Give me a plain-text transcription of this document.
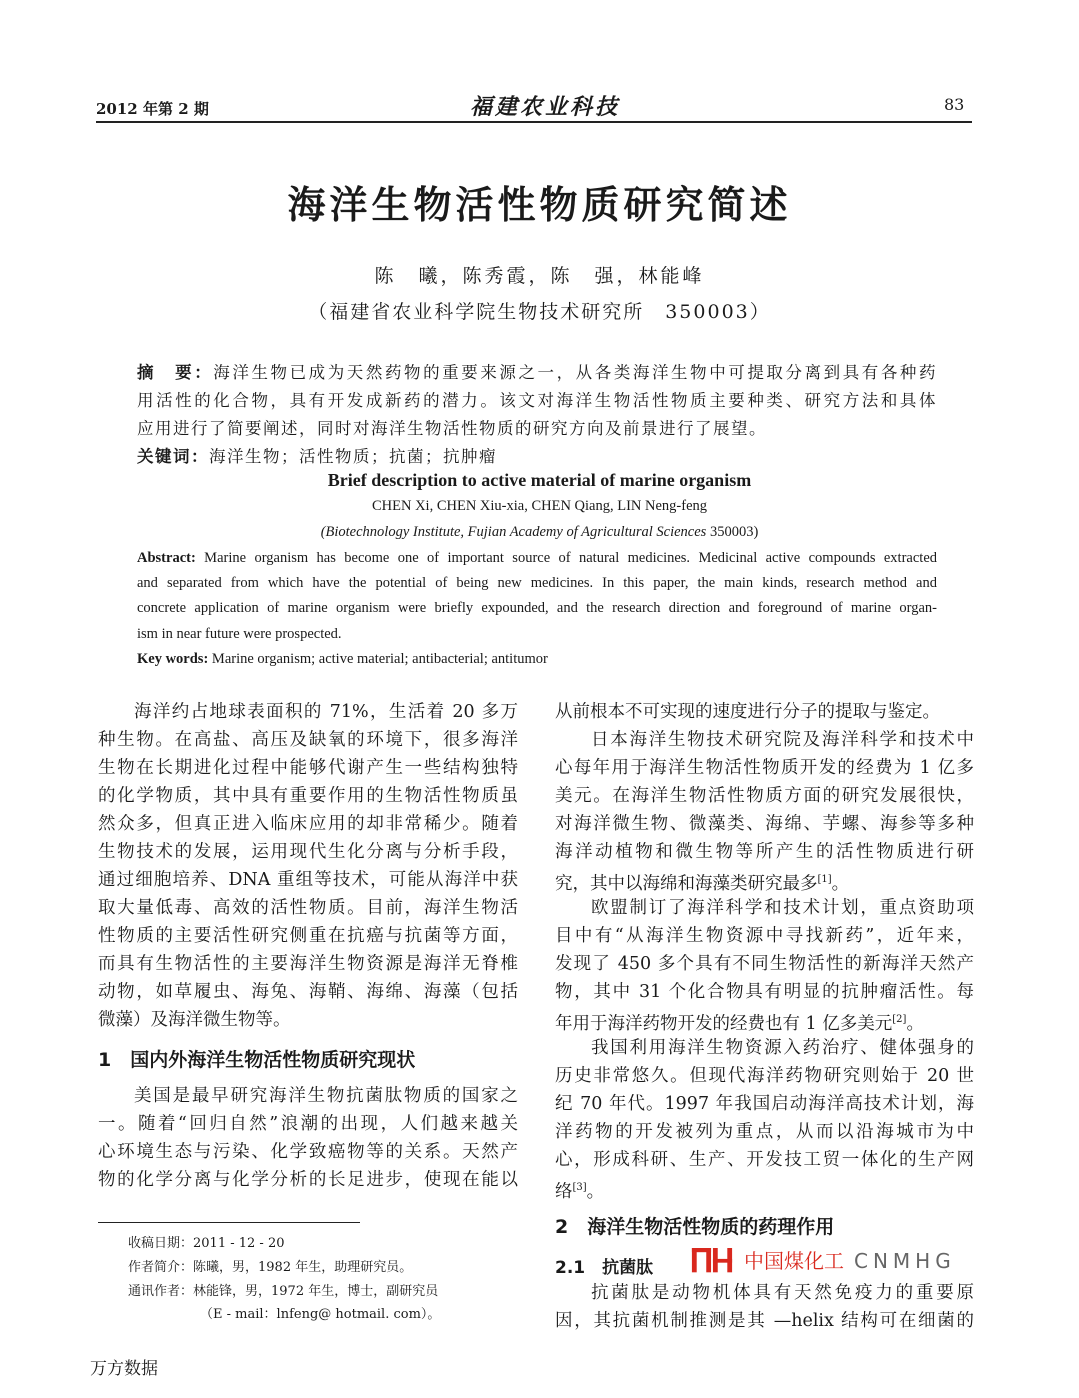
2012 年第 2 期	福建农业科技	83
海洋生物活性物质研究简述
陈　曦，陈秀霞，陈　强，林能峰
（福建省农业科学院生物技术研究所　350003）
摘　要：海洋生物已成为天然药物的重要来源之一，从各类海洋生物中可提取分离到具有各种药
用活性的化合物，具有开发成新药的潜力。该文对海洋生物活性物质主要种类、研究方法和具体
应用进行了简要阐述，同时对海洋生物活性物质的研究方向及前景进行了展望。
关键词：海洋生物；活性物质；抗菌；抗肿瘤
Brief description to active material of marine organism
CHEN Xi, CHEN Xiu-xia, CHEN Qiang, LIN Neng-feng
(Biotechnology Institute, Fujian Academy of Agricultural Sciences 350003)
Abstract: Marine organism has become one of important source of natural medicines. Medicinal active compounds extracted
and separated from which have the potential of being new medicines. In this paper, the main kinds, research method and
concrete application of marine organism were briefly expounded, and the research direction and foreground of marine organ-
ism in near future were prospected.
Key words: Marine organism; active material; antibacterial; antitumor
海洋约占地球表面积的 71%，生活着 20 多万
种生物。在高盐、高压及缺氧的环境下，很多海洋
生物在长期进化过程中能够代谢产生一些结构独特
的化学物质，其中具有重要作用的生物活性物质虽
然众多，但真正进入临床应用的却非常稀少。随着
生物技术的发展，运用现代生化分离与分析手段，
通过细胞培养、DNA 重组等技术，可能从海洋中获
取大量低毒、高效的活性物质。目前，海洋生物活
性物质的主要活性研究侧重在抗癌与抗菌等方面，
而具有生物活性的主要海洋生物资源是海洋无脊椎
动物，如草履虫、海兔、海鞘、海绵、海藻（包括
微藻）及海洋微生物等。
美国是最早研究海洋生物抗菌肽物质的国家之
一。随着“回归自然”浪潮的出现，人们越来越关
心环境生态与污染、化学致癌物等的关系。天然产
物的化学分离与化学分析的长足进步，使现在能以
从前根本不可实现的速度进行分子的提取与鉴定。
日本海洋生物技术研究院及海洋科学和技术中
心每年用于海洋生物活性物质开发的经费为 1 亿多
美元。在海洋生物活性物质方面的研究发展很快，
对海洋微生物、微藻类、海绵、芋螺、海参等多种
海洋动植物和微生物等所产生的活性物质进行研
究，其中以海绵和海藻类研究最多[1]。
欧盟制订了海洋科学和技术计划，重点资助项
目中有“从海洋生物资源中寻找新药”，近年来，
发现了 450 多个具有不同生物活性的新海洋天然产
物，其中 31 个化合物具有明显的抗肿瘤活性。每
年用于海洋药物开发的经费也有 1 亿多美元[2]。
我国利用海洋生物资源入药治疗、健体强身的
历史非常悠久。但现代海洋药物研究则始于 20 世
纪 70 年代。1997 年我国启动海洋高技术计划，海
洋药物的开发被列为重点，从而以沿海城市为中
心，形成科研、生产、开发技工贸一体化的生产网
络[3]。
抗菌肽是动物机体具有天然免疫力的重要原
因，其抗菌机制推测是其 —helix 结构可在细菌的
1　国内外海洋生物活性物质研究现状
2　海洋生物活性物质的药理作用
2.1　抗菌肽
收稿日期：2011 - 12 - 20
作者简介：陈曦，男，1982 年生，助理研究员。
通讯作者：林能锋，男，1972 年生，博士，副研究员
（E - mail：lnfeng@ hotmail. com）。
中国煤化工 CNMHG
万方数据
